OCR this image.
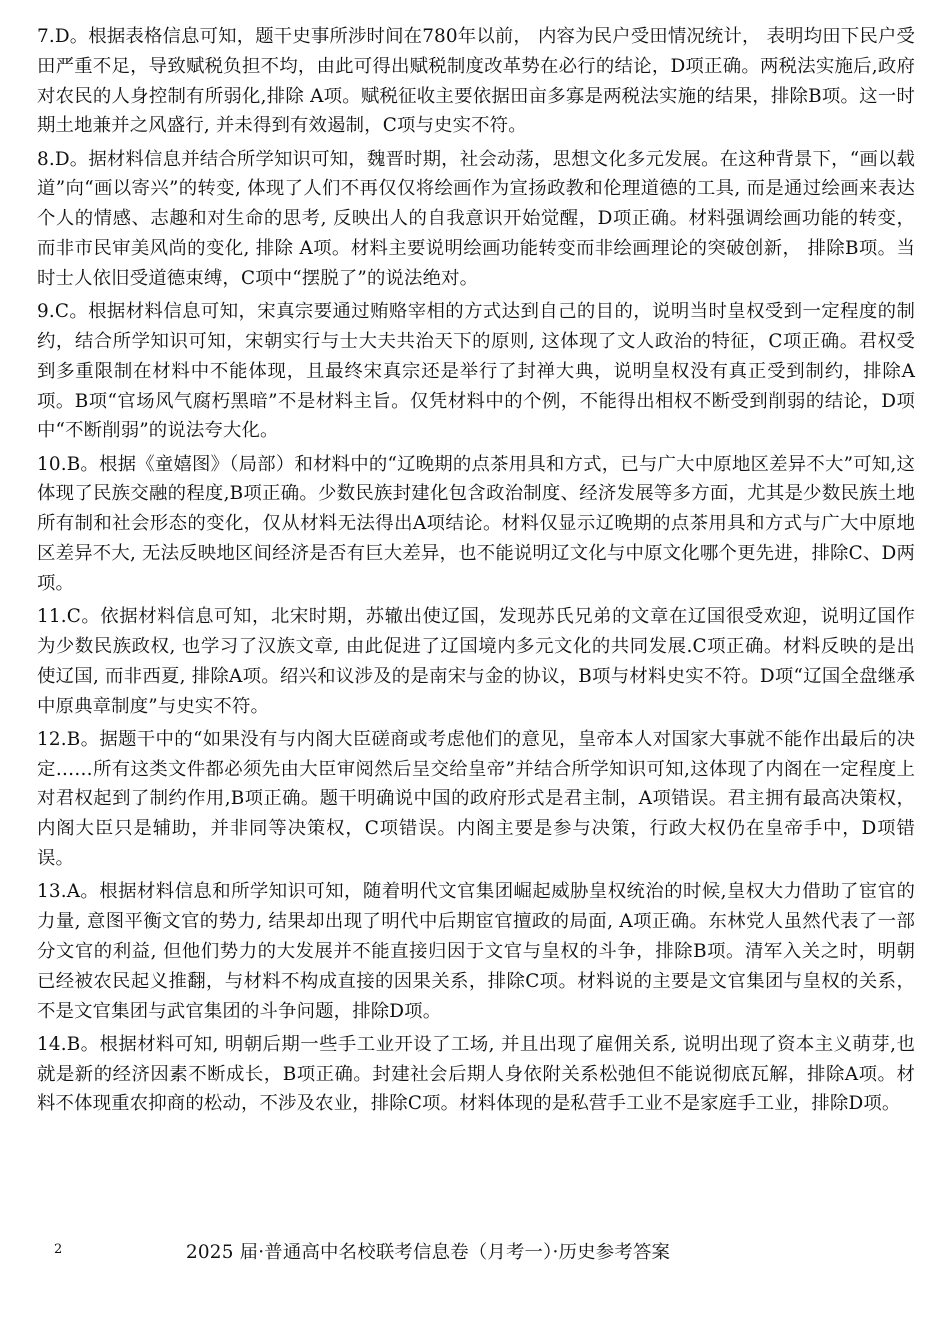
7.D。根据表格信息可知，题干史事所涉时间在780年以前， 内容为民户受田情况统计， 表明均田下民户受田严重不足，导致赋税负担不均，由此可得出赋税制度改革势在必行的结论，D项正确。两税法实施后,政府对农民的人身控制有所弱化,排除 A项。赋税征收主要依据田亩多寡是两税法实施的结果，排除B项。这一时期土地兼并之风盛行, 并未得到有效遏制，C项与史实不符。

8.D。据材料信息并结合所学知识可知，魏晋时期，社会动荡，思想文化多元发展。在这种背景下，“画以载道”向“画以寄兴”的转变, 体现了人们不再仅仅将绘画作为宣扬政教和伦理道德的工具, 而是通过绘画来表达个人的情感、志趣和对生命的思考, 反映出人的自我意识开始觉醒，D项正确。材料强调绘画功能的转变， 而非市民审美风尚的变化, 排除 A项。材料主要说明绘画功能转变而非绘画理论的突破创新， 排除B项。当时士人依旧受道德束缚，C项中“摆脱了”的说法绝对。

9.C。根据材料信息可知，宋真宗要通过贿赂宰相的方式达到自己的目的，说明当时皇权受到一定程度的制约，结合所学知识可知，宋朝实行与士大夫共治天下的原则, 这体现了文人政治的特征，C项正确。君权受到多重限制在材料中不能体现，且最终宋真宗还是举行了封禅大典，说明皇权没有真正受到制约，排除A项。B项“官场风气腐朽黑暗”不是材料主旨。仅凭材料中的个例，不能得出相权不断受到削弱的结论，D项中“不断削弱”的说法夸大化。

10.B。根据《童嬉图》（局部）和材料中的“辽晚期的点茶用具和方式，已与广大中原地区差异不大”可知,这体现了民族交融的程度,B项正确。少数民族封建化包含政治制度、经济发展等多方面，尤其是少数民族土地所有制和社会形态的变化，仅从材料无法得出A项结论。材料仅显示辽晚期的点茶用具和方式与广大中原地区差异不大, 无法反映地区间经济是否有巨大差异，也不能说明辽文化与中原文化哪个更先进，排除C、D两项。

11.C。依据材料信息可知，北宋时期，苏辙出使辽国，发现苏氏兄弟的文章在辽国很受欢迎，说明辽国作为少数民族政权, 也学习了汉族文章, 由此促进了辽国境内多元文化的共同发展.C项正确。材料反映的是出使辽国, 而非西夏, 排除A项。绍兴和议涉及的是南宋与金的协议，B项与材料史实不符。D项“辽国全盘继承中原典章制度”与史实不符。

12.B。据题干中的“如果没有与内阁大臣磋商或考虑他们的意见，皇帝本人对国家大事就不能作出最后的决定……所有这类文件都必须先由大臣审阅然后呈交给皇帝”并结合所学知识可知,这体现了内阁在一定程度上对君权起到了制约作用,B项正确。题干明确说中国的政府形式是君主制，A项错误。君主拥有最高决策权，内阁大臣只是辅助，并非同等决策权，C项错误。内阁主要是参与决策，行政大权仍在皇帝手中，D项错误。

13.A。根据材料信息和所学知识可知，随着明代文官集团崛起威胁皇权统治的时候,皇权大力借助了宦官的力量, 意图平衡文官的势力, 结果却出现了明代中后期宦官擅政的局面, A项正确。东林党人虽然代表了一部分文官的利益, 但他们势力的大发展并不能直接归因于文官与皇权的斗争，排除B项。清军入关之时，明朝已经被农民起义推翻，与材料不构成直接的因果关系，排除C项。材料说的主要是文官集团与皇权的关系，不是文官集团与武官集团的斗争问题，排除D项。

14.B。根据材料可知, 明朝后期一些手工业开设了工场, 并且出现了雇佣关系, 说明出现了资本主义萌芽,也就是新的经济因素不断成长，B项正确。封建社会后期人身依附关系松弛但不能说彻底瓦解，排除A项。材料不体现重农抑商的松动，不涉及农业，排除C项。材料体现的是私营手工业不是家庭手工业，排除D项。

2	2025 届·普通高中名校联考信息卷（月考一）·历史参考答案
